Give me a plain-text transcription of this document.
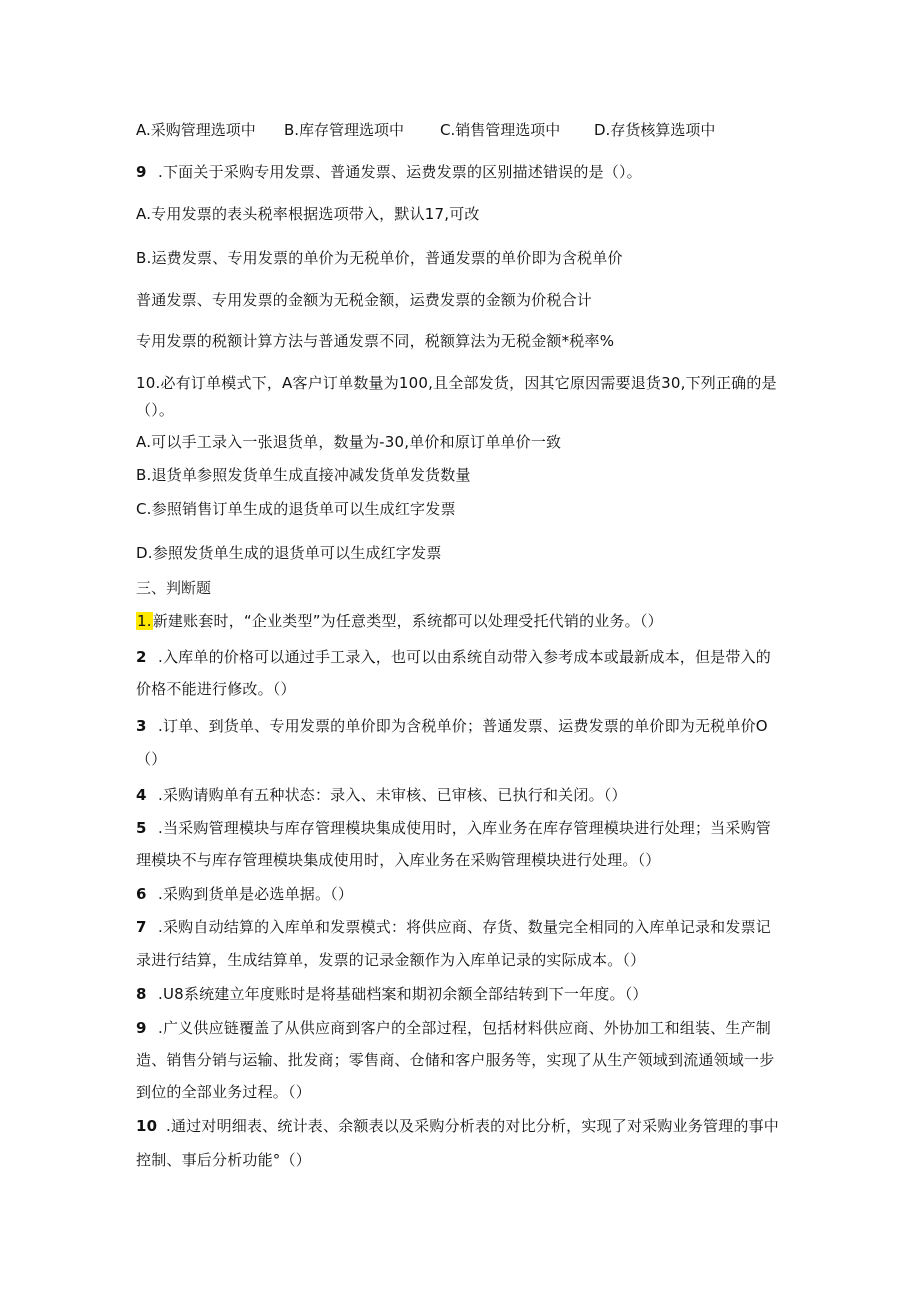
A.采购管理选项中 B.库存管理选项中 C.销售管理选项中 D.存货核算选项中
9 .下面关于采购专用发票、普通发票、运费发票的区别描述错误的是（）。
A.专用发票的表头税率根据选项带入，默认17,可改
B.运费发票、专用发票的单价为无税单价，普通发票的单价即为含税单价
普通发票、专用发票的金额为无税金额，运费发票的金额为价税合计
专用发票的税额计算方法与普通发票不同，税额算法为无税金额*税率%
10.必有订单模式下，A客户订单数量为100,且全部发货，因其它原因需要退货30,下列正确的是
（）。
A.可以手工录入一张退货单，数量为-30,单价和原订单单价一致
B.退货单参照发货单生成直接冲减发货单发货数量
C.参照销售订单生成的退货单可以生成红字发票
D.参照发货单生成的退货单可以生成红字发票
三、判断题
1.新建账套时，“企业类型”为任意类型，系统都可以处理受托代销的业务。（）
2 .入库单的价格可以通过手工录入，也可以由系统自动带入参考成本或最新成本，但是带入的
价格不能进行修改。（）
3 .订单、到货单、专用发票的单价即为含税单价；普通发票、运费发票的单价即为无税单价O
（）
4 .采购请购单有五种状态：录入、未审核、已审核、已执行和关闭。（）
5 .当采购管理模块与库存管理模块集成使用时，入库业务在库存管理模块进行处理；当采购管
理模块不与库存管理模块集成使用时，入库业务在采购管理模块进行处理。（）
6 .采购到货单是必选单据。（）
7 .采购自动结算的入库单和发票模式：将供应商、存货、数量完全相同的入库单记录和发票记
录进行结算，生成结算单，发票的记录金额作为入库单记录的实际成本。（）
8 .U8系统建立年度账时是将基础档案和期初余额全部结转到下一年度。（）
9 .广义供应链覆盖了从供应商到客户的全部过程，包括材料供应商、外协加工和组装、生产制
造、销售分销与运输、批发商；零售商、仓储和客户服务等，实现了从生产领域到流通领域一步
到位的全部业务过程。（）
10 .通过对明细表、统计表、余额表以及采购分析表的对比分析，实现了对采购业务管理的事中
控制、事后分析功能°（）
